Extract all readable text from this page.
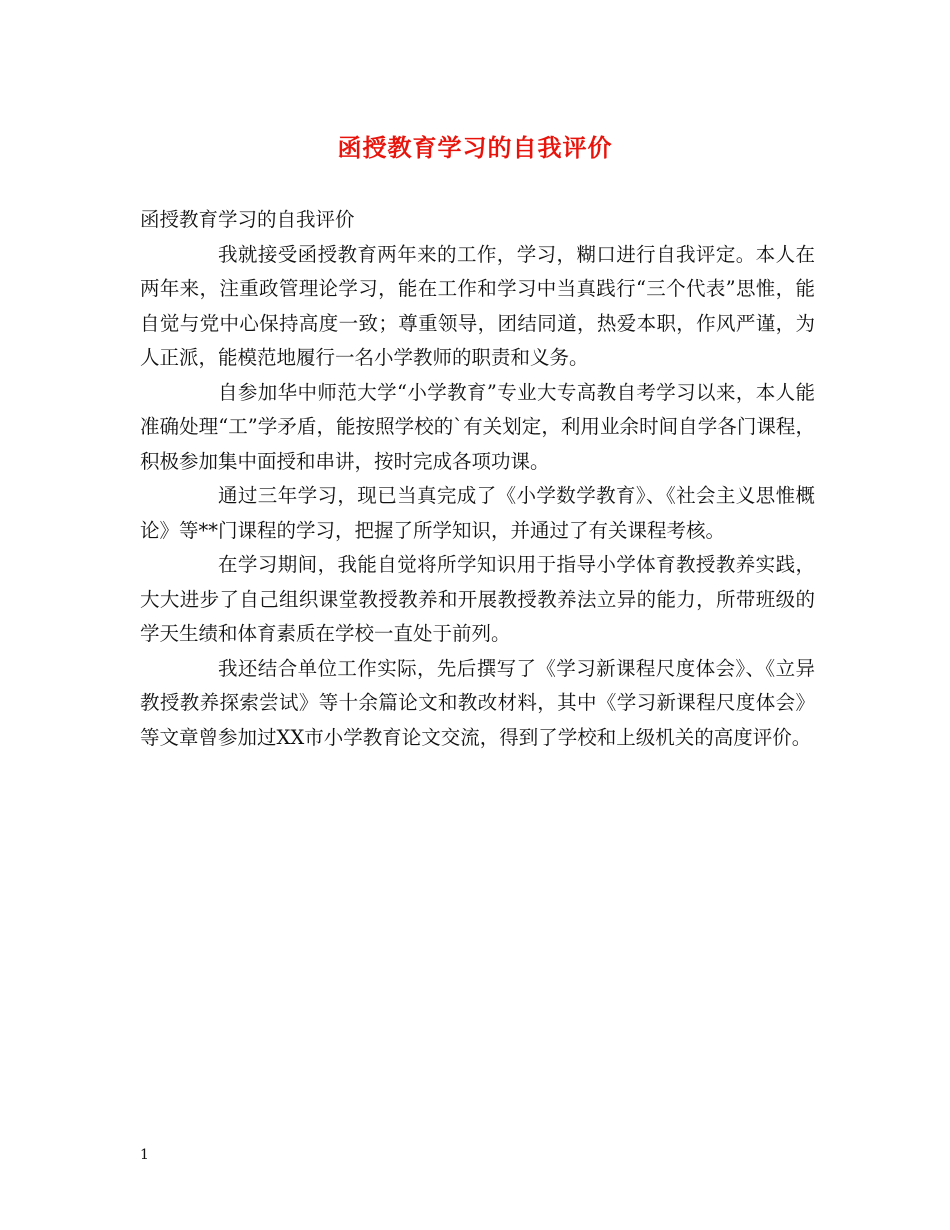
函授教育学习的自我评价

函授教育学习的自我评价

我就接受函授教育两年来的工作，学习，糊口进行自我评定。本人在两年来，注重政管理论学习，能在工作和学习中当真践行“三个代表”思惟，能自觉与党中心保持高度一致；尊重领导，团结同道，热爱本职，作风严谨，为人正派，能模范地履行一名小学教师的职责和义务。

自参加华中师范大学“小学教育”专业大专高教自考学习以来，本人能准确处理“工”学矛盾，能按照学校的`有关划定，利用业余时间自学各门课程，积极参加集中面授和串讲，按时完成各项功课。

通过三年学习，现已当真完成了《小学数学教育》、《社会主义思惟概论》等**门课程的学习，把握了所学知识，并通过了有关课程考核。

在学习期间，我能自觉将所学知识用于指导小学体育教授教养实践，大大进步了自己组织课堂教授教养和开展教授教养法立异的能力，所带班级的学天生绩和体育素质在学校一直处于前列。

我还结合单位工作实际，先后撰写了《学习新课程尺度体会》、《立异教授教养探索尝试》等十余篇论文和教改材料，其中《学习新课程尺度体会》等文章曾参加过XX市小学教育论文交流，得到了学校和上级机关的高度评价。

1
